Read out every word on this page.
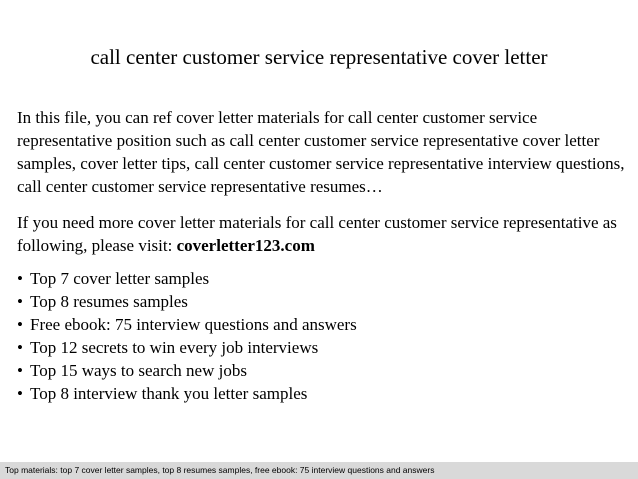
call center customer service representative cover letter

In this file, you can ref cover letter materials for call center customer service representative position such as call center customer service representative cover letter samples, cover letter tips, call center customer service representative interview questions, call center customer service representative resumes…

If you need more cover letter materials for call center customer service representative as following, please visit: coverletter123.com

• Top 7 cover letter samples
• Top 8 resumes samples
• Free ebook: 75 interview questions and answers
• Top 12 secrets to win every job interviews
• Top 15 ways to search new jobs
• Top 8 interview thank you letter samples
Top materials: top 7 cover letter samples, top 8 resumes samples, free ebook: 75 interview questions and answers
